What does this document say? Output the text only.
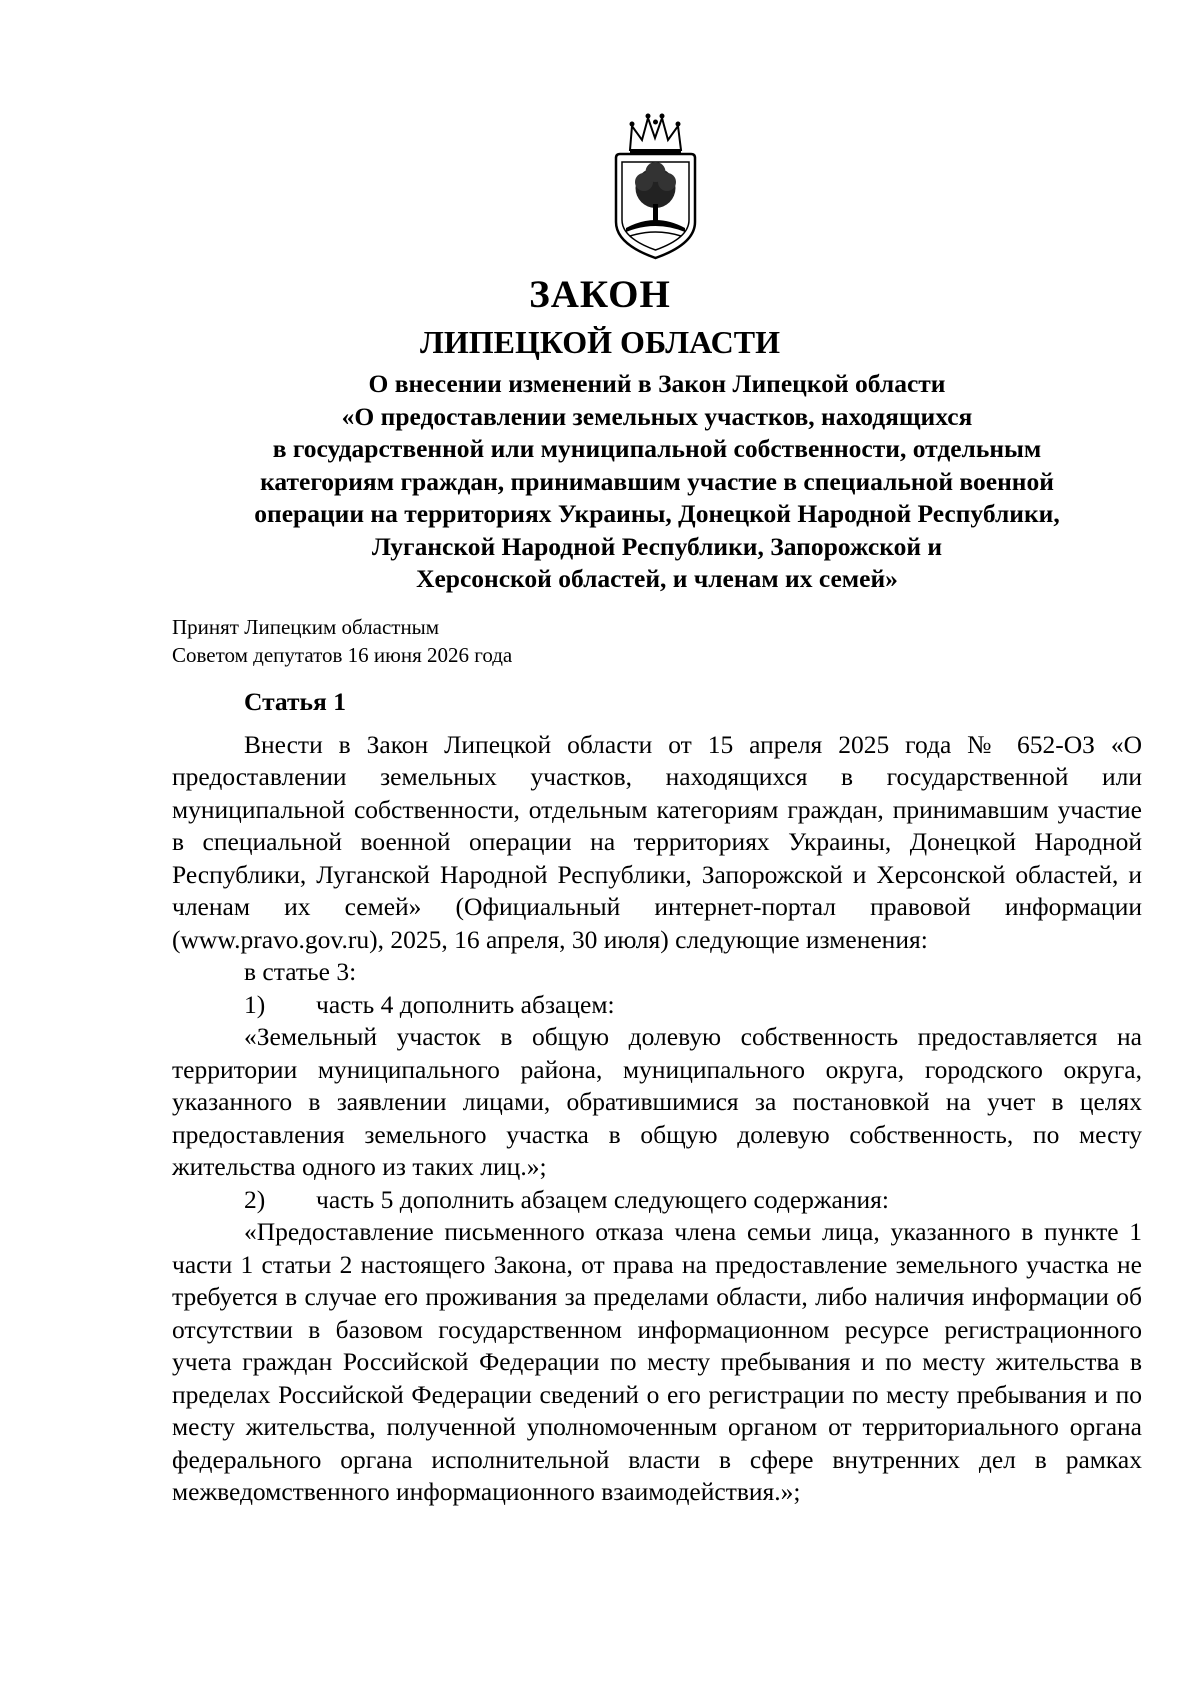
ЗАКОН
ЛИПЕЦКОЙ ОБЛАСТИ
О внесении изменений в Закон Липецкой области
«О предоставлении земельных участков, находящихся
в государственной или муниципальной собственности, отдельным
категориям граждан, принимавшим участие в специальной военной
операции на территориях Украины, Донецкой Народной Республики,
Луганской Народной Республики, Запорожской и
Херсонской областей, и членам их семей»
Принят Липецким областным
Советом депутатов 16 июня 2026 года
Статья 1

Внести в Закон Липецкой области от 15 апреля 2025 года № 652-ОЗ «О предоставлении земельных участков, находящихся в государственной или муниципальной собственности, отдельным категориям граждан, принимавшим участие в специальной военной операции на территориях Украины, Донецкой Народной Республики, Луганской Народной Республики, Запорожской и Херсонской областей, и членам их семей» (Официальный интернет-портал правовой информации (www.pravo.gov.ru), 2025, 16 апреля, 30 июля) следующие изменения:

в статье 3:

1) часть 4 дополнить абзацем:

«Земельный участок в общую долевую собственность предоставляется на территории муниципального района, муниципального округа, городского округа, указанного в заявлении лицами, обратившимися за постановкой на учет в целях предоставления земельного участка в общую долевую собственность, по месту жительства одного из таких лиц.»;

2) часть 5 дополнить абзацем следующего содержания:

«Предоставление письменного отказа члена семьи лица, указанного в пункте 1 части 1 статьи 2 настоящего Закона, от права на предоставление земельного участка не требуется в случае его проживания за пределами области, либо наличия информации об отсутствии в базовом государственном информационном ресурсе регистрационного учета граждан Российской Федерации по месту пребывания и по месту жительства в пределах Российской Федерации сведений о его регистрации по месту пребывания и по месту жительства, полученной уполномоченным органом от территориального органа федерального органа исполнительной власти в сфере внутренних дел в рамках межведомственного информационного взаимодействия.»;
